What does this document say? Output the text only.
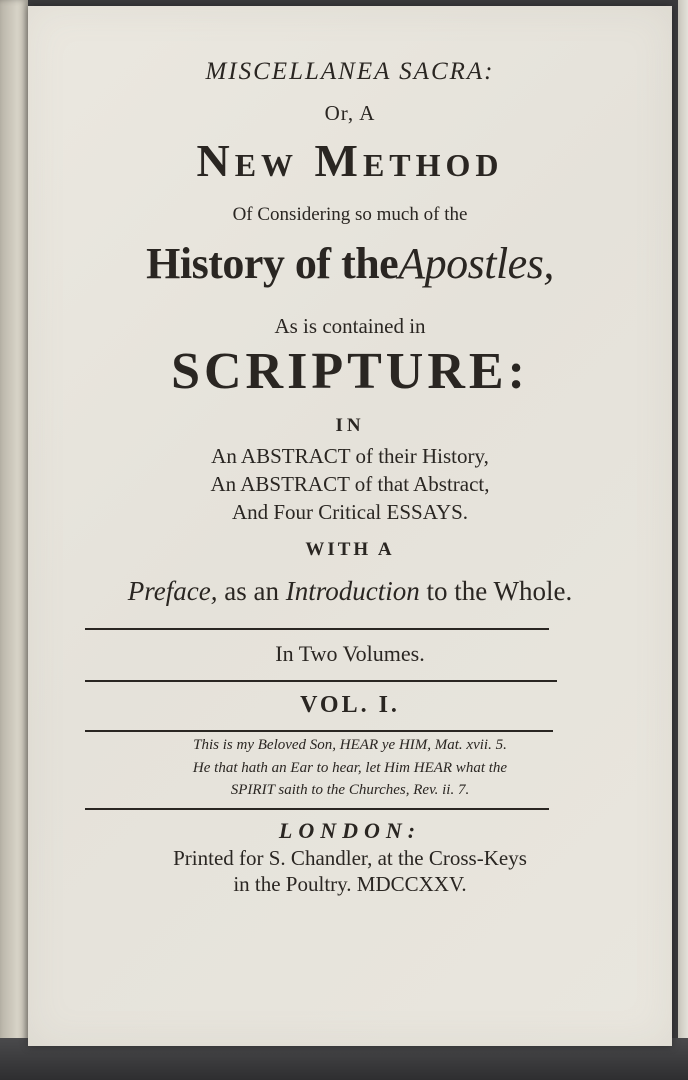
MISCELLANEA SACRA:
Or, A
New Method
Of Considering so much of the
History of theApostles,
As is contained in
SCRIPTURE:
IN
An ABSTRACT of their History,
An ABSTRACT of that Abstract,
And Four Critical ESSAYS.
WITH A
Preface, as an Introduction to the Whole.
In Two Volumes.
VOL. I.
This is my Beloved Son, HEAR ye HIM, Mat. xvii. 5.
He that hath an Ear to hear, let Him HEAR what the
SPIRIT saith to the Churches, Rev. ii. 7.
LONDON:
Printed for S. Chandler, at the Cross-Keys
in the Poultry. MDCCXXV.
